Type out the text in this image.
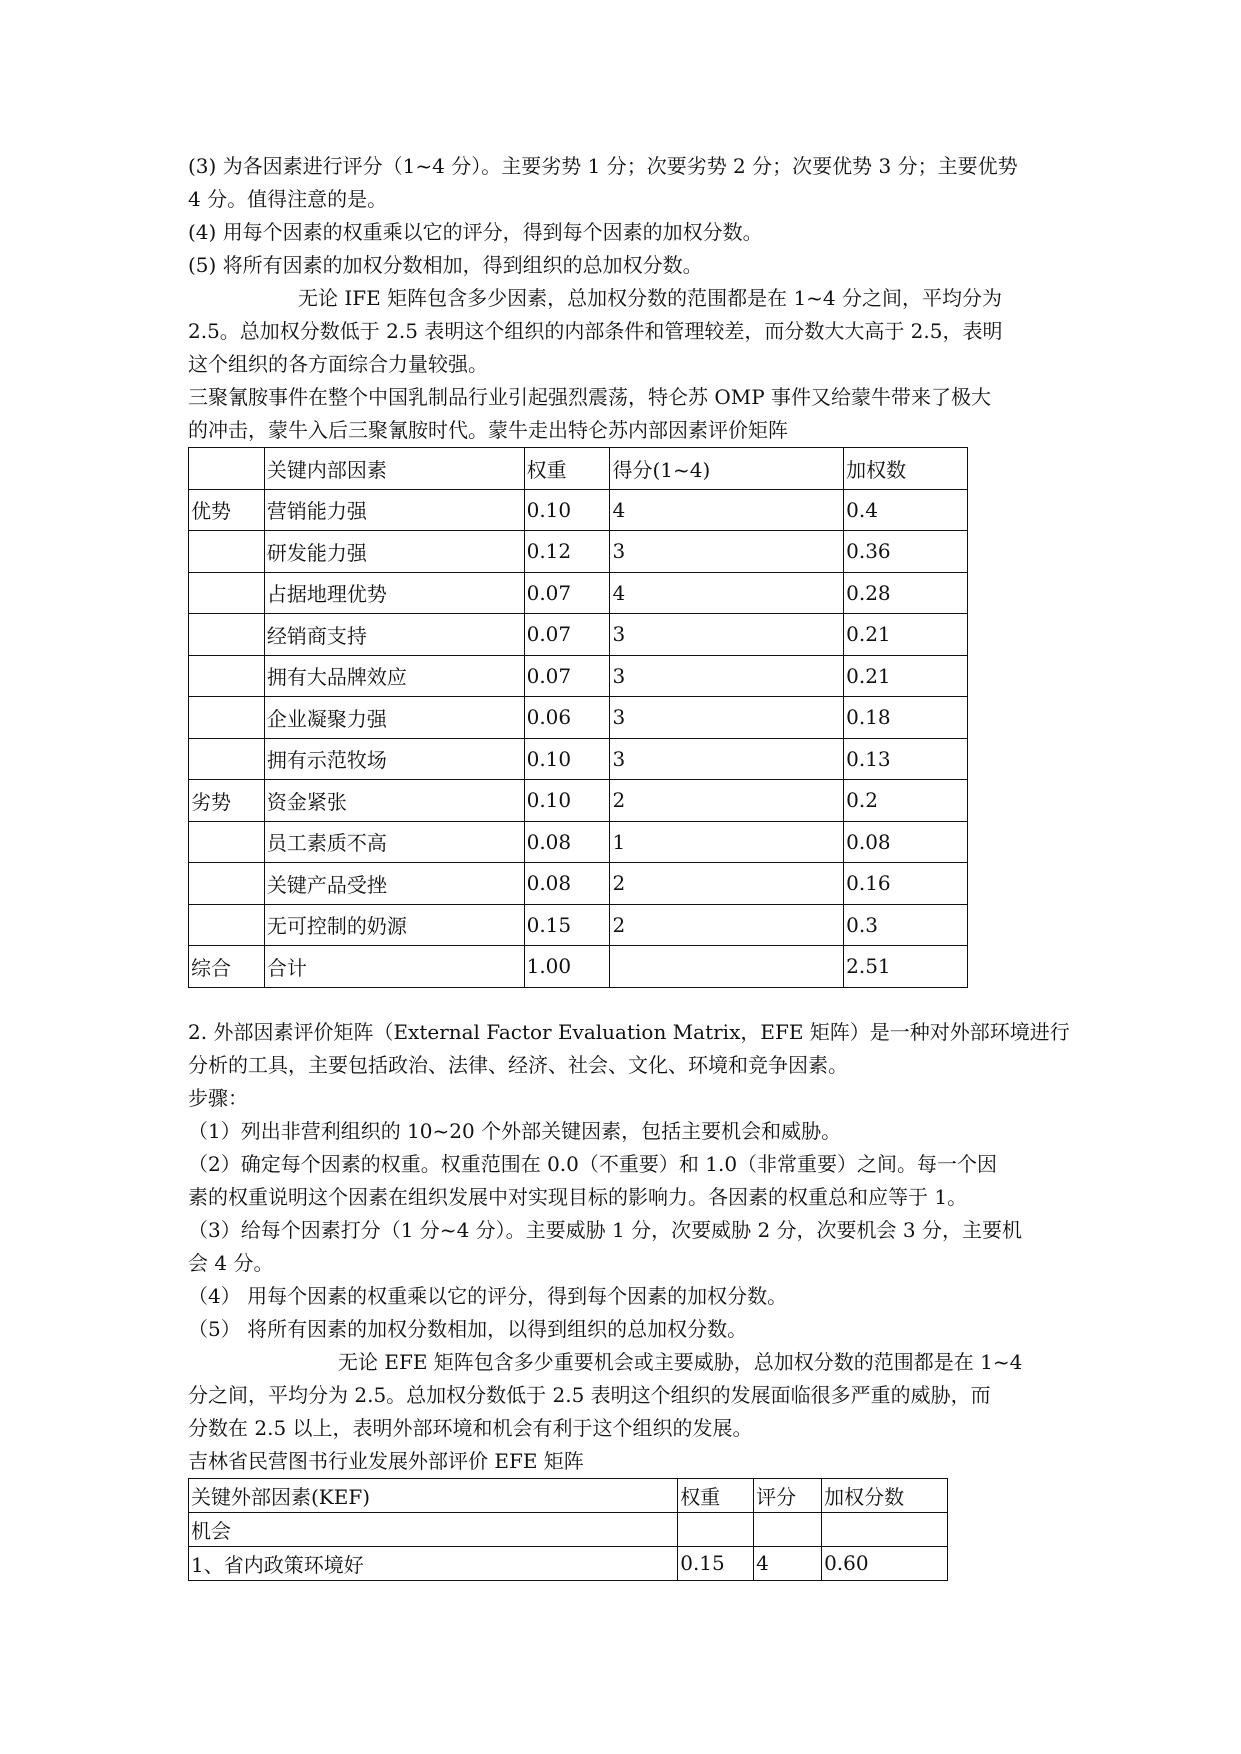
(3) 为各因素进行评分（1~4 分）。主要劣势 1 分；次要劣势 2 分；次要优势 3 分；主要优势
4 分。值得注意的是。
(4) 用每个因素的权重乘以它的评分，得到每个因素的加权分数。
(5) 将所有因素的加权分数相加，得到组织的总加权分数。
无论 IFE 矩阵包含多少因素，总加权分数的范围都是在 1~4 分之间，平均分为
2.5。总加权分数低于 2.5 表明这个组织的内部条件和管理较差，而分数大大高于 2.5，表明
这个组织的各方面综合力量较强。
三聚氰胺事件在整个中国乳制品行业引起强烈震荡，特仑苏 OMP 事件又给蒙牛带来了极大
的冲击，蒙牛入后三聚氰胺时代。蒙牛走出特仑苏内部因素评价矩阵
	关键内部因素	权重	得分(1~4)	加权数
优势	营销能力强	0.10	4	0.4
	研发能力强	0.12	3	0.36
	占据地理优势	0.07	4	0.28
	经销商支持	0.07	3	0.21
	拥有大品牌效应	0.07	3	0.21
	企业凝聚力强	0.06	3	0.18
	拥有示范牧场	0.10	3	0.13
劣势	资金紧张	0.10	2	0.2
	员工素质不高	0.08	1	0.08
	关键产品受挫	0.08	2	0.16
	无可控制的奶源	0.15	2	0.3
综合	合计	1.00		2.51
2. 外部因素评价矩阵（External Factor Evaluation Matrix，EFE 矩阵）是一种对外部环境进行
分析的工具，主要包括政治、法律、经济、社会、文化、环境和竞争因素。
步骤：
（1）列出非营利组织的 10~20 个外部关键因素，包括主要机会和威胁。
（2）确定每个因素的权重。权重范围在 0.0（不重要）和 1.0（非常重要）之间。每一个因
素的权重说明这个因素在组织发展中对实现目标的影响力。各因素的权重总和应等于 1。
（3）给每个因素打分（1 分~4 分）。主要威胁 1 分，次要威胁 2 分，次要机会 3 分，主要机
会 4 分。
（4） 用每个因素的权重乘以它的评分，得到每个因素的加权分数。
（5） 将所有因素的加权分数相加，以得到组织的总加权分数。
无论 EFE 矩阵包含多少重要机会或主要威胁，总加权分数的范围都是在 1~4
分之间，平均分为 2.5。总加权分数低于 2.5 表明这个组织的发展面临很多严重的威胁，而
分数在 2.5 以上，表明外部环境和机会有利于这个组织的发展。
吉林省民营图书行业发展外部评价 EFE 矩阵
关键外部因素(KEF)	权重	评分	加权分数
机会			
1、省内政策环境好	0.15	4	0.60
